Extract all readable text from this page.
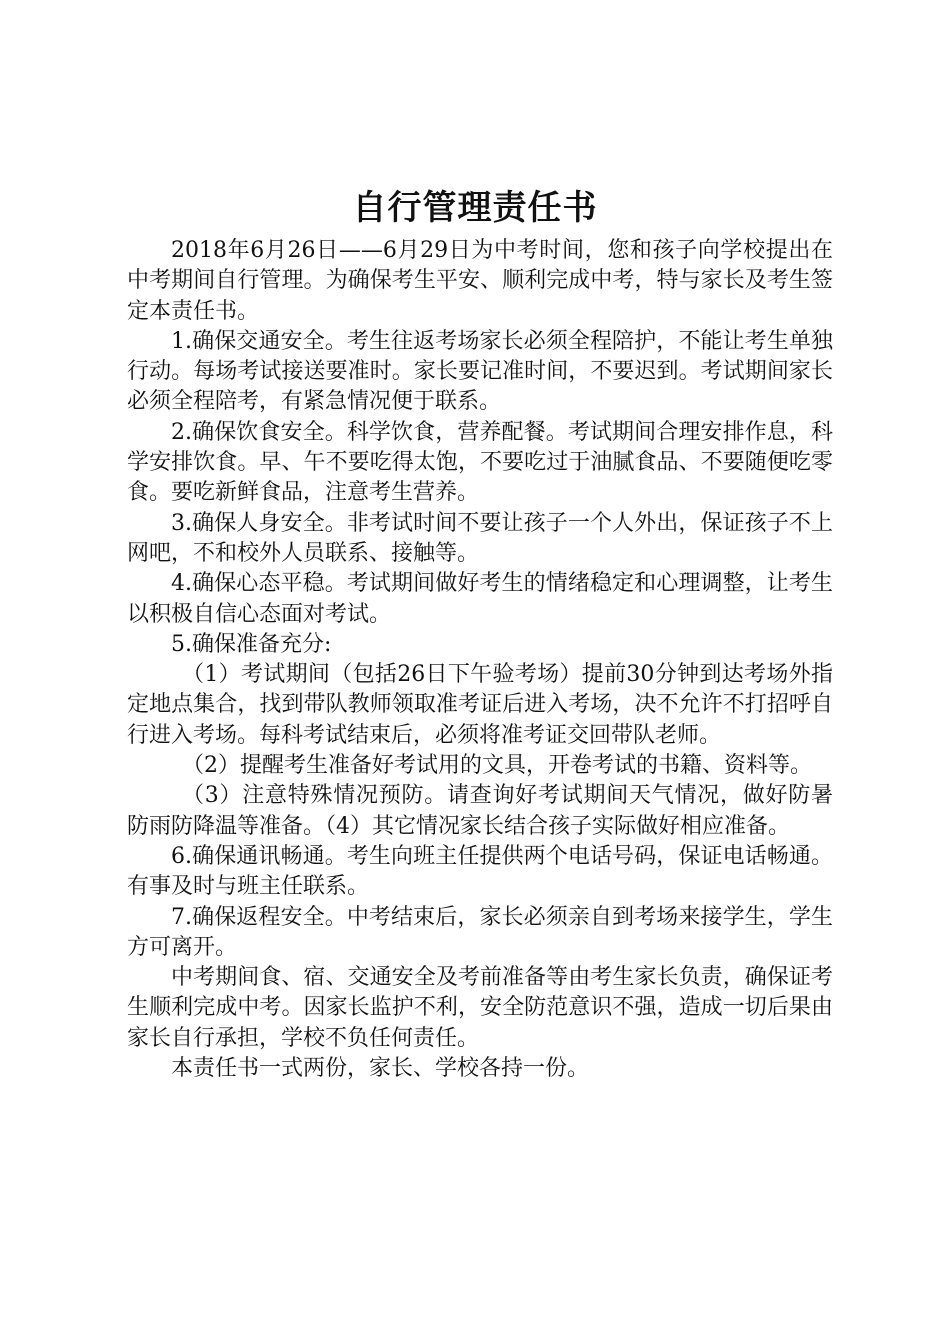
自行管理责任书

2018年6月26日——6月29日为中考时间，您和孩子向学校提出在中考期间自行管理。为确保考生平安、顺利完成中考，特与家长及考生签定本责任书。

1.确保交通安全。考生往返考场家长必须全程陪护，不能让考生单独行动。每场考试接送要准时。家长要记准时间，不要迟到。考试期间家长必须全程陪考，有紧急情况便于联系。

2.确保饮食安全。科学饮食，营养配餐。考试期间合理安排作息，科学安排饮食。早、午不要吃得太饱，不要吃过于油腻食品、不要随便吃零食。要吃新鲜食品，注意考生营养。

3.确保人身安全。非考试时间不要让孩子一个人外出，保证孩子不上网吧，不和校外人员联系、接触等。

4.确保心态平稳。考试期间做好考生的情绪稳定和心理调整，让考生以积极自信心态面对考试。

5.确保准备充分:

（1）考试期间（包括26日下午验考场）提前30分钟到达考场外指定地点集合，找到带队教师领取准考证后进入考场，决不允许不打招呼自行进入考场。每科考试结束后，必须将准考证交回带队老师。

（2）提醒考生准备好考试用的文具，开卷考试的书籍、资料等。

（3）注意特殊情况预防。请查询好考试期间天气情况，做好防暑防雨防降温等准备。（4）其它情况家长结合孩子实际做好相应准备。

6.确保通讯畅通。考生向班主任提供两个电话号码，保证电话畅通。有事及时与班主任联系。

7.确保返程安全。中考结束后，家长必须亲自到考场来接学生，学生方可离开。

中考期间食、宿、交通安全及考前准备等由考生家长负责，确保证考生顺利完成中考。因家长监护不利，安全防范意识不强，造成一切后果由家长自行承担，学校不负任何责任。

本责任书一式两份，家长、学校各持一份。
